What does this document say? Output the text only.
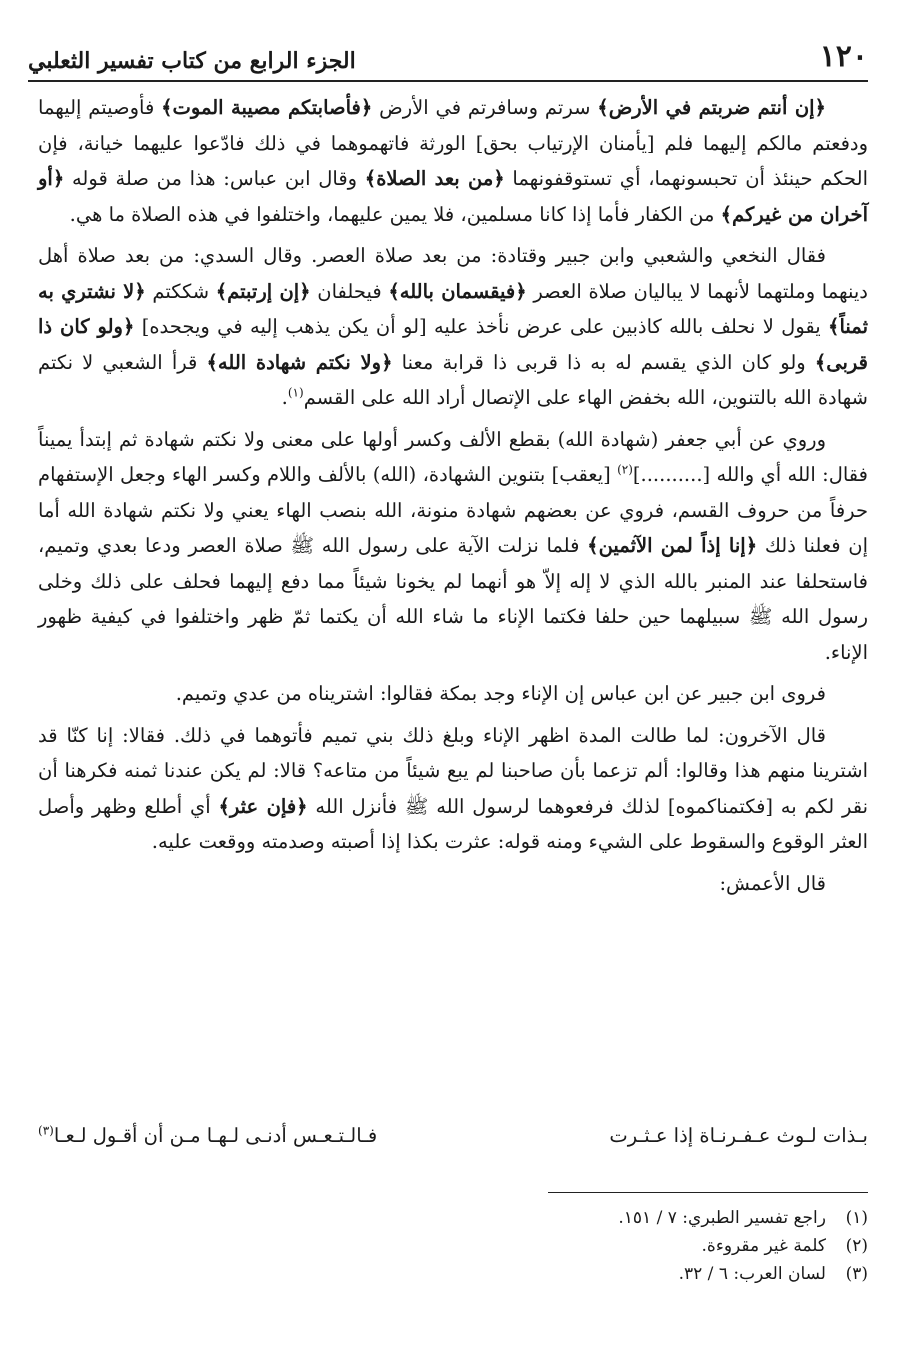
١٢٠
الجزء الرابع من كتاب تفسير الثعلبي

﴿إن أنتم ضربتم في الأرض﴾ سرتم وسافرتم في الأرض ﴿فأصابتكم مصيبة الموت﴾ فأوصيتم إليهما ودفعتم مالكم إليهما فلم [يأمنان الإرتياب بحق] الورثة فاتهموهما في ذلك فادّعوا عليهما خيانة، فإن الحكم حينئذ أن تحبسونهما، أي تستوقفونهما ﴿من بعد الصلاة﴾ وقال ابن عباس: هذا من صلة قوله ﴿أو آخران من غيركم﴾ من الكفار فأما إذا كانا مسلمين، فلا يمين عليهما، واختلفوا في هذه الصلاة ما هي.

فقال النخعي والشعبي وابن جبير وقتادة: من بعد صلاة العصر. وقال السدي: من بعد صلاة أهل دينهما وملتهما لأنهما لا يباليان صلاة العصر ﴿فيقسمان بالله﴾ فيحلفان ﴿إن إرتبتم﴾ شككتم ﴿لا نشتري به ثمناً﴾ يقول لا نحلف بالله كاذبين على عرض نأخذ عليه [لو أن يكن يذهب إليه في ويجحده] ﴿ولو كان ذا قربى﴾ ولو كان الذي يقسم له به ذا قربى ذا قرابة معنا ﴿ولا نكتم شهادة الله﴾ قرأ الشعبي لا نكتم شهادة الله بالتنوين، الله بخفض الهاء على الإتصال أراد الله على القسم$^{(١)}$.

وروي عن أبي جعفر (شهادة الله) بقطع الألف وكسر أولها على معنى ولا نكتم شهادة ثم إبتدأ يميناً فقال: الله أي والله [..........]$^{(٢)}$ [يعقب] بتنوين الشهادة، (الله) بالألف واللام وكسر الهاء وجعل الإستفهام حرفاً من حروف القسم، فروي عن بعضهم شهادة منونة، الله بنصب الهاء يعني ولا نكتم شهادة الله أما إن فعلنا ذلك ﴿إنا إذاً لمن الآثمين﴾ فلما نزلت الآية على رسول الله ﷺ صلاة العصر ودعا بعدي وتميم، فاستحلفا عند المنبر بالله الذي لا إله إلاّ هو أنهما لم يخونا شيئاً مما دفع إليهما فحلف على ذلك وخلى رسول الله ﷺ سبيلهما حين حلفا فكتما الإناء ما شاء الله أن يكتما ثمّ ظهر واختلفوا في كيفية ظهور الإناء.

فروى ابن جبير عن ابن عباس إن الإناء وجد بمكة فقالوا: اشتريناه من عدي وتميم.

قال الآخرون: لما طالت المدة اظهر الإناء وبلغ ذلك بني تميم فأتوهما في ذلك. فقالا: إنا كنّا قد اشترينا منهم هذا وقالوا: ألم تزعما بأن صاحبنا لم يبع شيئاً من متاعه؟ قالا: لم يكن عندنا ثمنه فكرهنا أن نقر لكم به [فكتمناكموه] لذلك فرفعوهما لرسول الله ﷺ فأنزل الله ﴿فإن عثر﴾ أي أطلع وظهر وأصل العثر الوقوع والسقوط على الشيء ومنه قوله: عثرت بكذا إذا أصبته وصدمته ووقعت عليه.

قال الأعمش:

بـذات لـوث عـفـرنـاة إذا عـثـرت
فـالـتـعـس أدنـى لـهـا مـن أن أقـول لـعـا$^{(٣)}$
(١)راجع تفسير الطبري: ٧ / ١٥١.
(٢)كلمة غير مقروءة.
(٣)لسان العرب: ٦ / ٣٢.
